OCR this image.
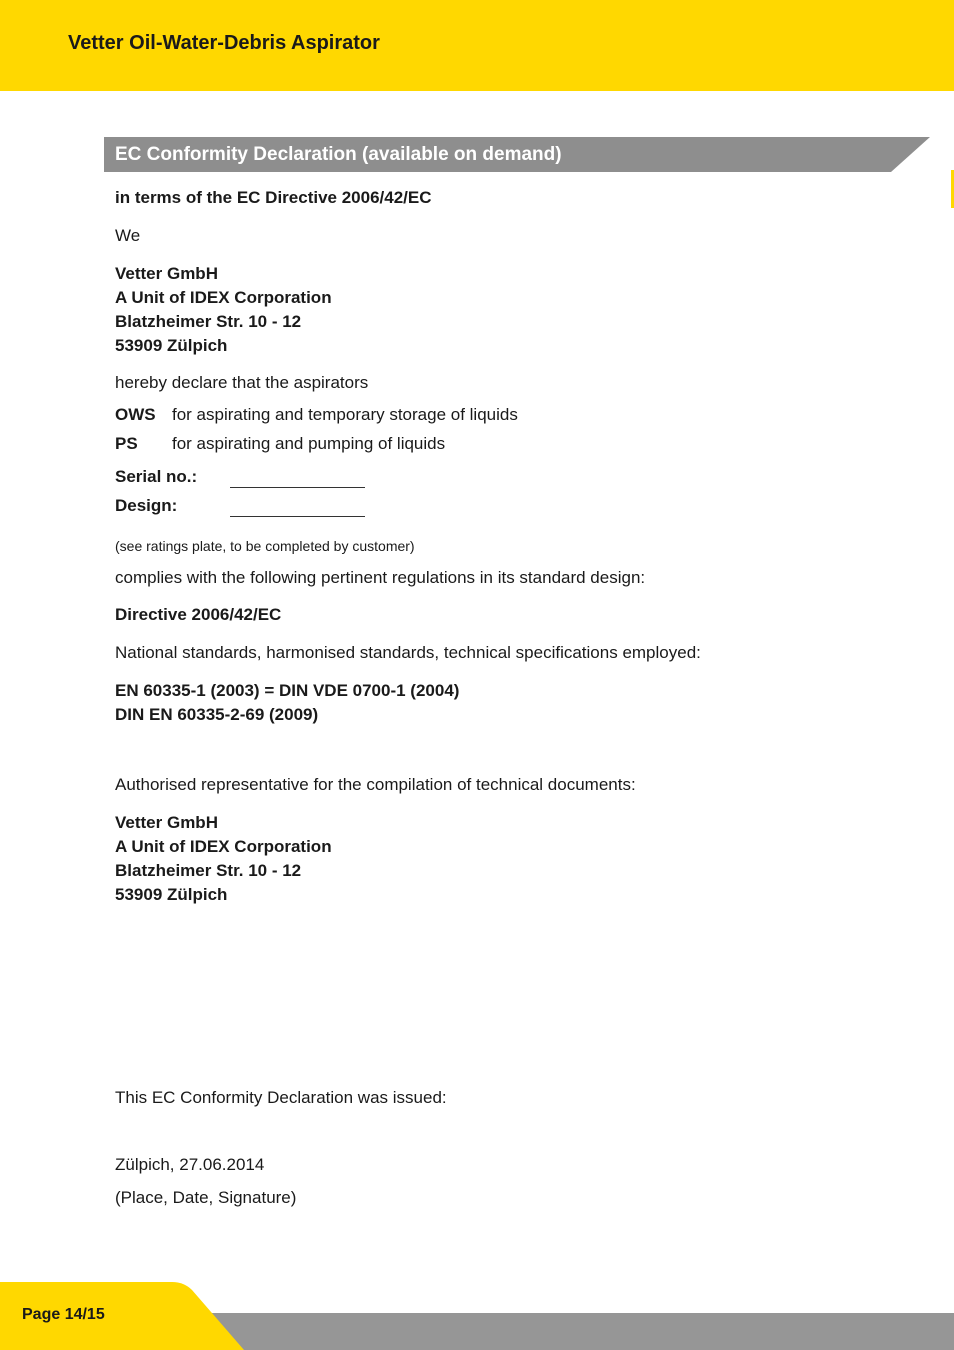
Vetter Oil-Water-Debris Aspirator
EC Conformity Declaration (available on demand)
in terms of the EC Directive 2006/42/EC
We
Vetter GmbH
A Unit of IDEX Corporation
Blatzheimer Str. 10 - 12
53909 Zülpich
hereby declare that the aspirators
OWS for aspirating and temporary storage of liquids
PS for aspirating and pumping of liquids
Serial no.:
Design:
(see ratings plate, to be completed by customer)
complies with the following pertinent regulations in its standard design:
Directive 2006/42/EC
National standards, harmonised standards, technical specifications employed:
EN 60335-1 (2003) = DIN VDE 0700-1 (2004)
DIN EN 60335-2-69 (2009)
Authorised representative for the compilation of technical documents:
Vetter GmbH
A Unit of IDEX Corporation
Blatzheimer Str. 10 - 12
53909 Zülpich
This EC Conformity Declaration was issued:
Zülpich, 27.06.2014
(Place, Date, Signature)
Page 14/15
